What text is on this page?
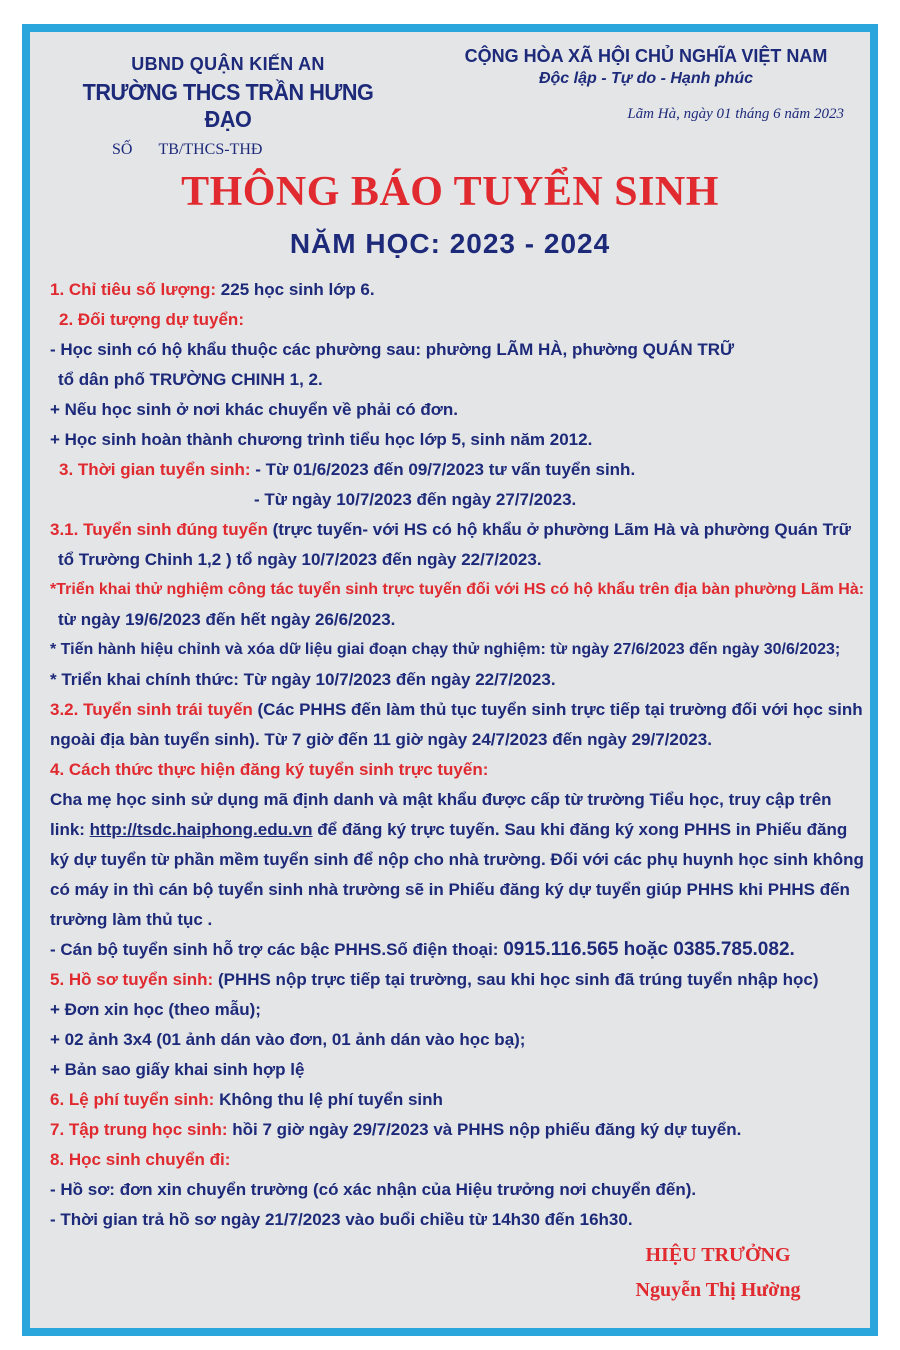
UBND QUẬN KIẾN AN
TRƯỜNG THCS TRẦN HƯNG ĐẠO
SỐ TB/THCS-THĐ
CỘNG HÒA XÃ HỘI CHỦ NGHĨA VIỆT NAM
Độc lập - Tự do - Hạnh phúc
Lãm Hà, ngày 01 tháng 6 năm 2023
THÔNG BÁO TUYỂN SINH
NĂM HỌC: 2023 - 2024
1. Chỉ tiêu số lượng: 225 học sinh lớp 6.
2. Đối tượng dự tuyển:
- Học sinh có hộ khẩu thuộc các phường sau: phường LÃM HÀ, phường QUÁN TRỮ
tổ dân phố TRƯỜNG CHINH 1, 2.
+ Nếu học sinh ở nơi khác chuyển về phải có đơn.
+ Học sinh hoàn thành chương trình tiểu học lớp 5, sinh năm 2012.
3. Thời gian tuyển sinh: - Từ 01/6/2023 đến 09/7/2023 tư vấn tuyển sinh.
- Từ ngày 10/7/2023 đến ngày 27/7/2023.
3.1. Tuyển sinh đúng tuyến (trực tuyến- với HS có hộ khẩu ở phường Lãm Hà và phường Quán Trữ
tổ Trường Chinh 1,2 ) tổ ngày 10/7/2023 đến ngày 22/7/2023.
*Triển khai thử nghiệm công tác tuyển sinh trực tuyến đối với HS có hộ khẩu trên địa bàn phường Lãm Hà:
từ ngày 19/6/2023 đến hết ngày 26/6/2023.
* Tiến hành hiệu chỉnh và xóa dữ liệu giai đoạn chạy thử nghiệm: từ ngày 27/6/2023 đến ngày 30/6/2023;
* Triển khai chính thức: Từ ngày 10/7/2023 đến ngày 22/7/2023.
3.2. Tuyển sinh trái tuyến (Các PHHS đến làm thủ tục tuyển sinh trực tiếp tại trường đối với học sinh
ngoài địa bàn tuyển sinh). Từ 7 giờ đến 11 giờ ngày 24/7/2023 đến ngày 29/7/2023.
4. Cách thức thực hiện đăng ký tuyển sinh trực tuyến:
Cha mẹ học sinh sử dụng mã định danh và mật khẩu được cấp từ trường Tiểu học, truy cập trên
link: http://tsdc.haiphong.edu.vn để đăng ký trực tuyến. Sau khi đăng ký xong PHHS in Phiếu đăng
ký dự tuyển từ phần mềm tuyển sinh để nộp cho nhà trường. Đối với các phụ huynh học sinh không
có máy in thì cán bộ tuyển sinh nhà trường sẽ in Phiếu đăng ký dự tuyển giúp PHHS khi PHHS đến
trường làm thủ tục .
- Cán bộ tuyển sinh hỗ trợ các bậc PHHS.Số điện thoại: 0915.116.565 hoặc 0385.785.082.
5. Hồ sơ tuyển sinh: (PHHS nộp trực tiếp tại trường, sau khi học sinh đã trúng tuyển nhập học)
+ Đơn xin học (theo mẫu);
+ 02 ảnh 3x4 (01 ảnh dán vào đơn, 01 ảnh dán vào học bạ);
+ Bản sao giấy khai sinh hợp lệ
6. Lệ phí tuyển sinh: Không thu lệ phí tuyển sinh
7. Tập trung học sinh: hồi 7 giờ ngày 29/7/2023 và PHHS nộp phiếu đăng ký dự tuyển.
8. Học sinh chuyển đi:
- Hồ sơ: đơn xin chuyển trường (có xác nhận của Hiệu trưởng nơi chuyển đến).
- Thời gian trả hồ sơ ngày 21/7/2023 vào buổi chiều từ 14h30 đến 16h30.
HIỆU TRƯỞNG
Nguyễn Thị Hường
